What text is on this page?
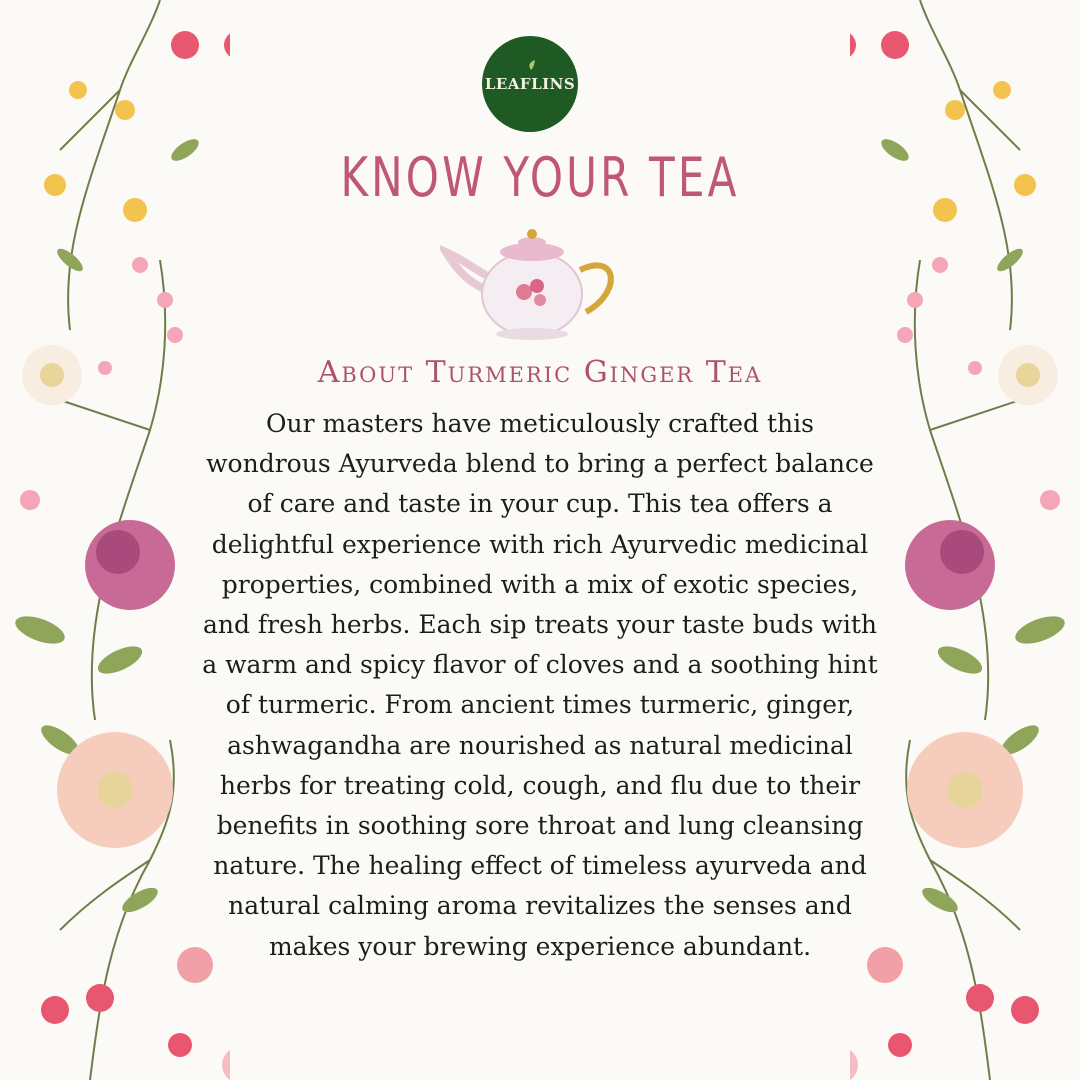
LEAFLINS
KNOW YOUR TEA
About Turmeric Ginger Tea
Our masters have meticulously crafted this wondrous Ayurveda blend to bring a perfect balance of care and taste in your cup. This tea offers a delightful experience with rich Ayurvedic medicinal properties, combined with a mix of exotic species, and fresh herbs. Each sip treats your taste buds with a warm and spicy flavor of cloves and a soothing hint of turmeric. From ancient times turmeric, ginger, ashwagandha are nourished as natural medicinal herbs for treating cold, cough, and flu due to their benefits in soothing sore throat and lung cleansing nature. The healing effect of timeless ayurveda and natural calming aroma revitalizes the senses and makes your brewing experience abundant.
